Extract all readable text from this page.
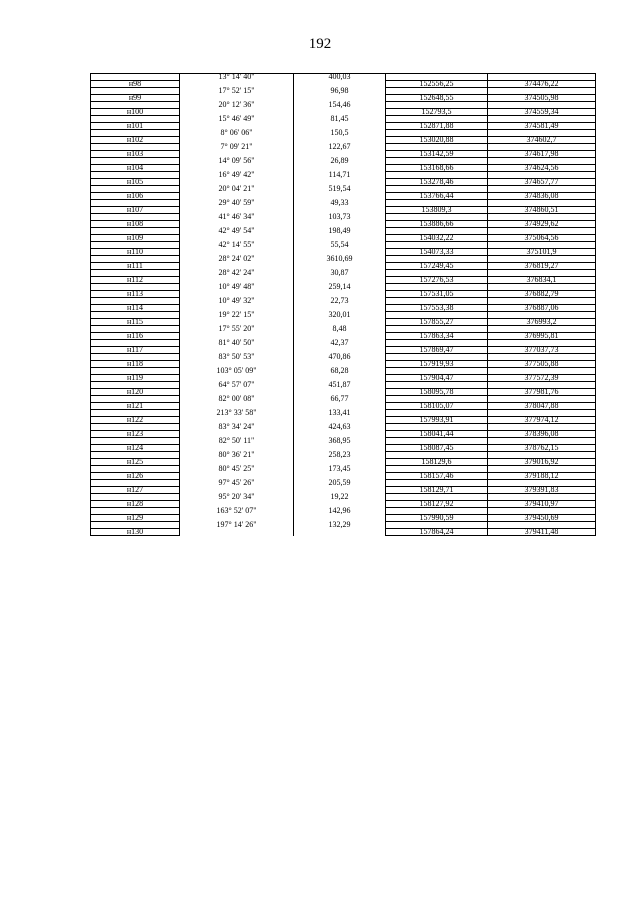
192
	13° 14' 40"	400,03		
н98			152556,25	374476,22
	17° 52' 15"	96,98		
н99			152648,55	374505,98
	20° 12' 36"	154,46		
н100			152793,5	374559,34
	15° 46' 49"	81,45		
н101			152871,88	374581,49
	8° 06' 06"	150,5		
н102			153020,88	374602,7
	7° 09' 21"	122,67		
н103			153142,59	374617,98
	14° 09' 56"	26,89		
н104			153168,66	374624,56
	16° 49' 42"	114,71		
н105			153278,46	374657,77
	20° 04' 21"	519,54		
н106			153766,44	374836,08
	29° 40' 59"	49,33		
н107			153809,3	374860,51
	41° 46' 34"	103,73		
н108			153886,66	374929,62
	42° 49' 54"	198,49		
н109			154032,22	375064,56
	42° 14' 55"	55,54		
н110			154073,33	375101,9
	28° 24' 02"	3610,69		
н111			157249,45	376819,27
	28° 42' 24"	30,87		
н112			157276,53	376834,1
	10° 49' 48"	259,14		
н113			157531,05	376882,79
	10° 49' 32"	22,73		
н114			157553,38	376887,06
	19° 22' 15"	320,01		
н115			157855,27	376993,2
	17° 55' 20"	8,48		
н116			157863,34	376995,81
	81° 40' 50"	42,37		
н117			157869,47	377037,73
	83° 50' 53"	470,86		
н118			157919,93	377505,88
	103° 05' 09"	68,28		
н119			157904,47	377572,39
	64° 57' 07"	451,87		
н120			158095,78	377981,76
	82° 00' 08"	66,77		
н121			158105,07	378047,88
	213° 33' 58"	133,41		
н122			157993,91	377974,12
	83° 34' 24"	424,63		
н123			158041,44	378396,08
	82° 50' 11"	368,95		
н124			158087,45	378762,15
	80° 36' 21"	258,23		
н125			158129,6	379016,92
	80° 45' 25"	173,45		
н126			158157,46	379188,12
	97° 45' 26"	205,59		
н127			158129,71	379391,83
	95° 20' 34"	19,22		
н128			158127,92	379410,97
	163° 52' 07"	142,96		
н129			157990,59	379450,69
	197° 14' 26"	132,29		
н130			157864,24	379411,48
